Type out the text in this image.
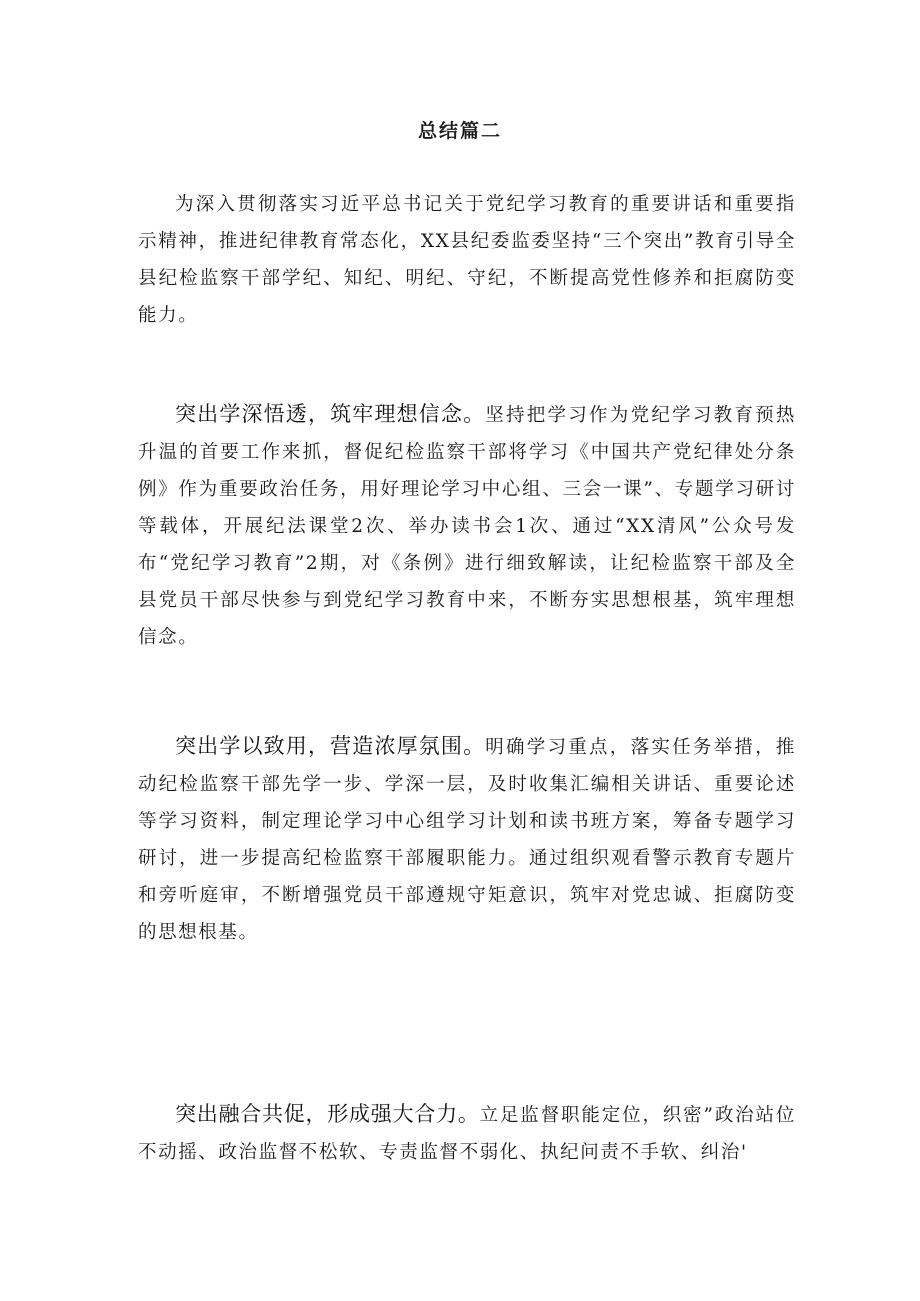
总结篇二

为深入贯彻落实习近平总书记关于党纪学习教育的重要讲话和重要指示精神，推进纪律教育常态化，XX县纪委监委坚持“三个突出”教育引导全县纪检监察干部学纪、知纪、明纪、守纪，不断提高党性修养和拒腐防变能力。

突出学深悟透，筑牢理想信念。坚持把学习作为党纪学习教育预热升温的首要工作来抓，督促纪检监察干部将学习《中国共产党纪律处分条例》作为重要政治任务，用好理论学习中心组、三会一课”、专题学习研讨等载体，开展纪法课堂2次、举办读书会1次、通过“XX清风”公众号发布“党纪学习教育”2期，对《条例》进行细致解读，让纪检监察干部及全县党员干部尽快参与到党纪学习教育中来，不断夯实思想根基，筑牢理想信念。

突出学以致用，营造浓厚氛围。明确学习重点，落实任务举措，推动纪检监察干部先学一步、学深一层，及时收集汇编相关讲话、重要论述等学习资料，制定理论学习中心组学习计划和读书班方案，筹备专题学习研讨，进一步提高纪检监察干部履职能力。通过组织观看警示教育专题片和旁听庭审，不断增强党员干部遵规守矩意识，筑牢对党忠诚、拒腐防变的思想根基。

突出融合共促，形成强大合力。立足监督职能定位，织密”政治站位不动摇、政治监督不松软、专责监督不弱化、执纪问责不手软、纠治'
